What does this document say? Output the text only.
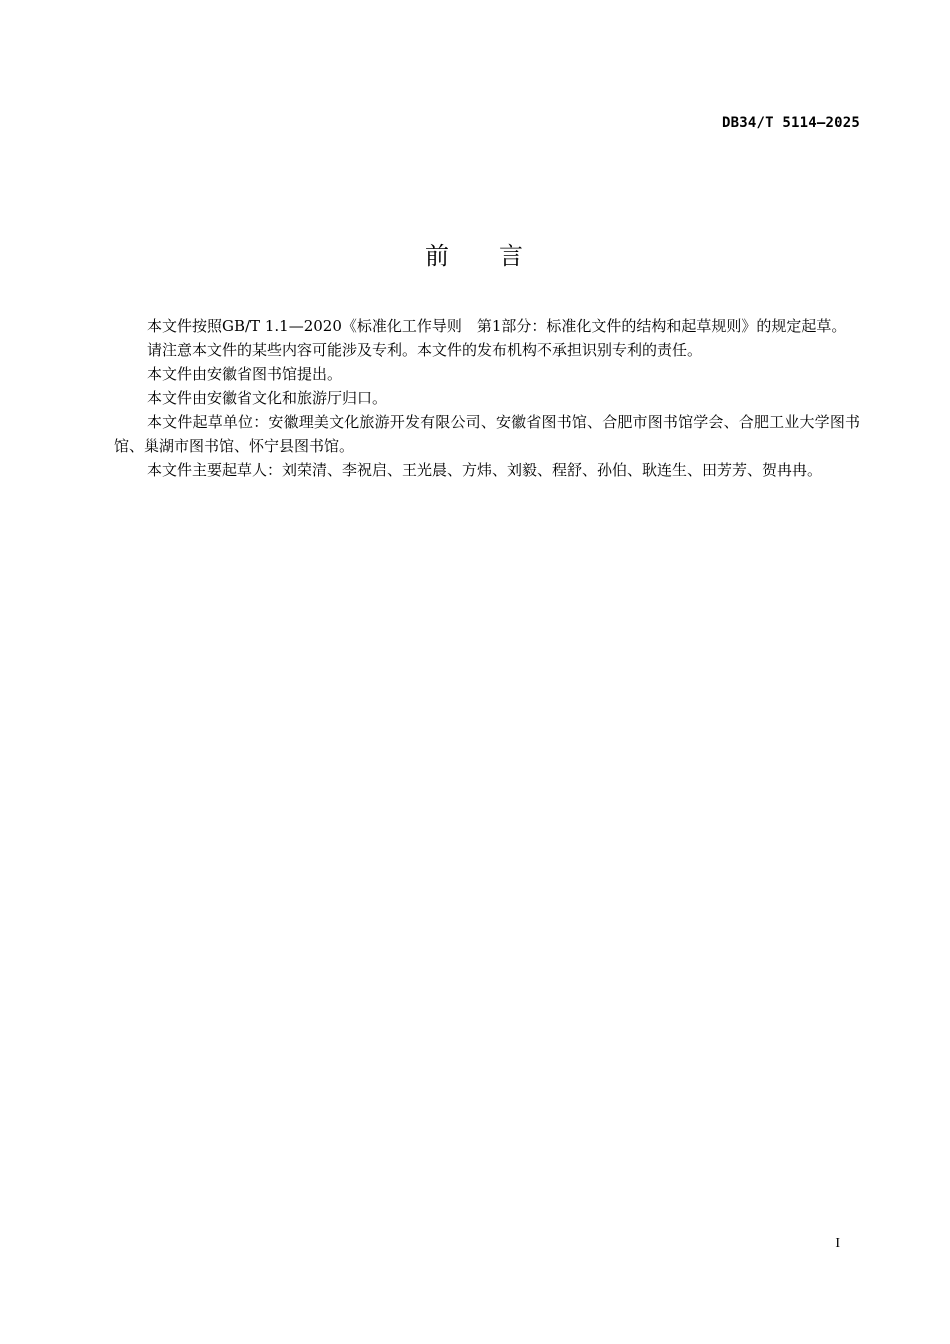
DB34/T 5114—2025
前 言

本文件按照GB/T 1.1—2020《标准化工作导则　第1部分：标准化文件的结构和起草规则》的规定起草。

请注意本文件的某些内容可能涉及专利。本文件的发布机构不承担识别专利的责任。

本文件由安徽省图书馆提出。

本文件由安徽省文化和旅游厅归口。

本文件起草单位：安徽理美文化旅游开发有限公司、安徽省图书馆、合肥市图书馆学会、合肥工业大学图书馆、巢湖市图书馆、怀宁县图书馆。

本文件主要起草人：刘荣清、李祝启、王光晨、方炜、刘毅、程舒、孙伯、耿连生、田芳芳、贺冉冉。

I
